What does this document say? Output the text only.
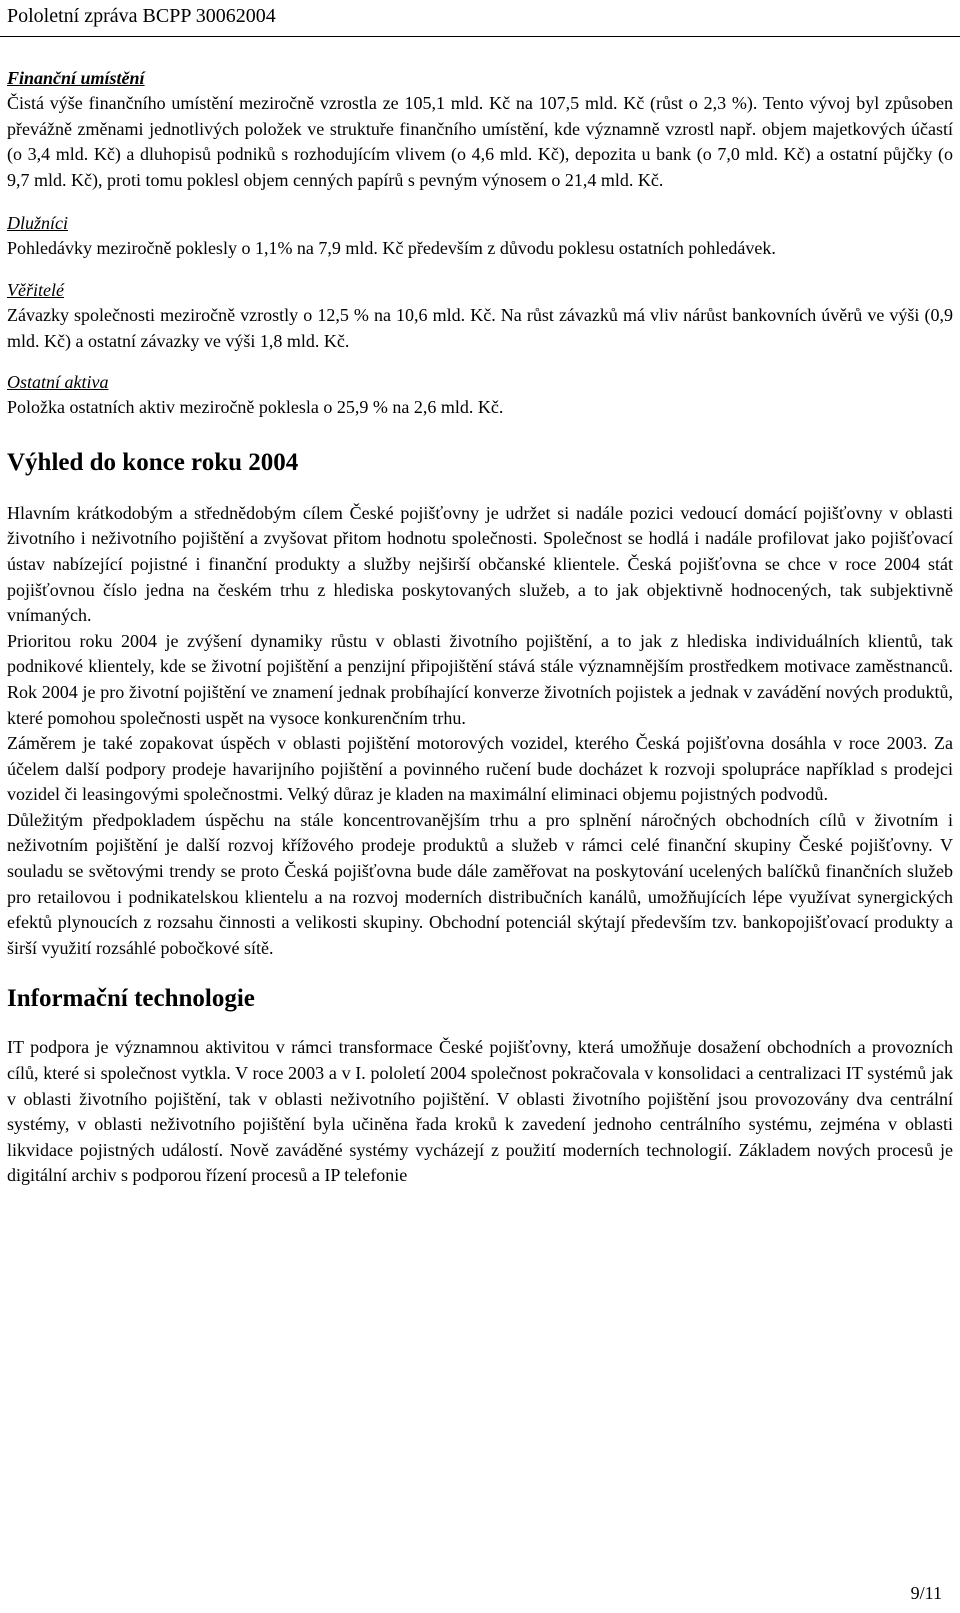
Pololetní zpráva BCPP 30062004
Finanční umístění

Čistá výše finančního umístění meziročně vzrostla ze 105,1 mld. Kč na 107,5 mld. Kč (růst o 2,3 %). Tento vývoj byl způsoben převážně změnami jednotlivých položek ve struktuře finančního umístění, kde významně vzrostl např. objem majetkových účastí (o 3,4 mld. Kč) a dluhopisů podniků s rozhodujícím vlivem (o 4,6 mld. Kč), depozita u bank (o 7,0 mld. Kč) a ostatní půjčky (o 9,7 mld. Kč), proti tomu poklesl objem cenných papírů s pevným výnosem o 21,4 mld. Kč.

Dlužníci

Pohledávky meziročně poklesly o 1,1% na 7,9 mld. Kč především z důvodu poklesu ostatních pohledávek.

Věřitelé

Závazky společnosti meziročně vzrostly o 12,5 % na 10,6 mld. Kč. Na růst závazků má vliv nárůst bankovních úvěrů ve výši (0,9 mld. Kč) a ostatní závazky ve výši 1,8 mld. Kč.

Ostatní aktiva

Položka ostatních aktiv meziročně poklesla o 25,9 % na 2,6 mld. Kč.

Výhled do konce roku 2004

Hlavním krátkodobým a střednědobým cílem České pojišťovny je udržet si nadále pozici vedoucí domácí pojišťovny v oblasti životního i neživotního pojištění a zvyšovat přitom hodnotu společnosti. Společnost se hodlá i nadále profilovat jako pojišťovací ústav nabízející pojistné i finanční produkty a služby nejširší občanské klientele. Česká pojišťovna se chce v roce 2004 stát pojišťovnou číslo jedna na českém trhu z hlediska poskytovaných služeb, a to jak objektivně hodnocených, tak subjektivně vnímaných.

Prioritou roku 2004 je zvýšení dynamiky růstu v oblasti životního pojištění, a to jak z hlediska individuálních klientů, tak podnikové klientely, kde se životní pojištění a penzijní připojištění stává stále významnějším prostředkem motivace zaměstnanců. Rok 2004 je pro životní pojištění ve znamení jednak probíhající konverze životních pojistek a jednak v zavádění nových produktů, které pomohou společnosti uspět na vysoce konkurenčním trhu.

Záměrem je také zopakovat úspěch v oblasti pojištění motorových vozidel, kterého Česká pojišťovna dosáhla v roce 2003. Za účelem další podpory prodeje havarijního pojištění a povinného ručení bude docházet k rozvoji spolupráce například s prodejci vozidel či leasingovými společnostmi. Velký důraz je kladen na maximální eliminaci objemu pojistných podvodů.

Důležitým předpokladem úspěchu na stále koncentrovanějším trhu a pro splnění náročných obchodních cílů v životním i neživotním pojištění je další rozvoj křížového prodeje produktů a služeb v rámci celé finanční skupiny České pojišťovny. V souladu se světovými trendy se proto Česká pojišťovna bude dále zaměřovat na poskytování ucelených balíčků finančních služeb pro retailovou i podnikatelskou klientelu a na rozvoj moderních distribučních kanálů, umožňujících lépe využívat synergických efektů plynoucích z rozsahu činnosti a velikosti skupiny. Obchodní potenciál skýtají především tzv. bankopojišťovací produkty a širší využití rozsáhlé pobočkové sítě.

Informační technologie

IT podpora je významnou aktivitou v rámci transformace České pojišťovny, která umožňuje dosažení obchodních a provozních cílů, které si společnost vytkla. V roce 2003 a v I. pololetí 2004 společnost pokračovala v konsolidaci a centralizaci IT systémů jak v oblasti životního pojištění, tak v oblasti neživotního pojištění. V oblasti životního pojištění jsou provozovány dva centrální systémy, v oblasti neživotního pojištění byla učiněna řada kroků k zavedení jednoho centrálního systému, zejména v oblasti likvidace pojistných událostí. Nově zaváděné systémy vycházejí z použití moderních technologií. Základem nových procesů je digitální archiv s podporou řízení procesů a IP telefonie

9/11
